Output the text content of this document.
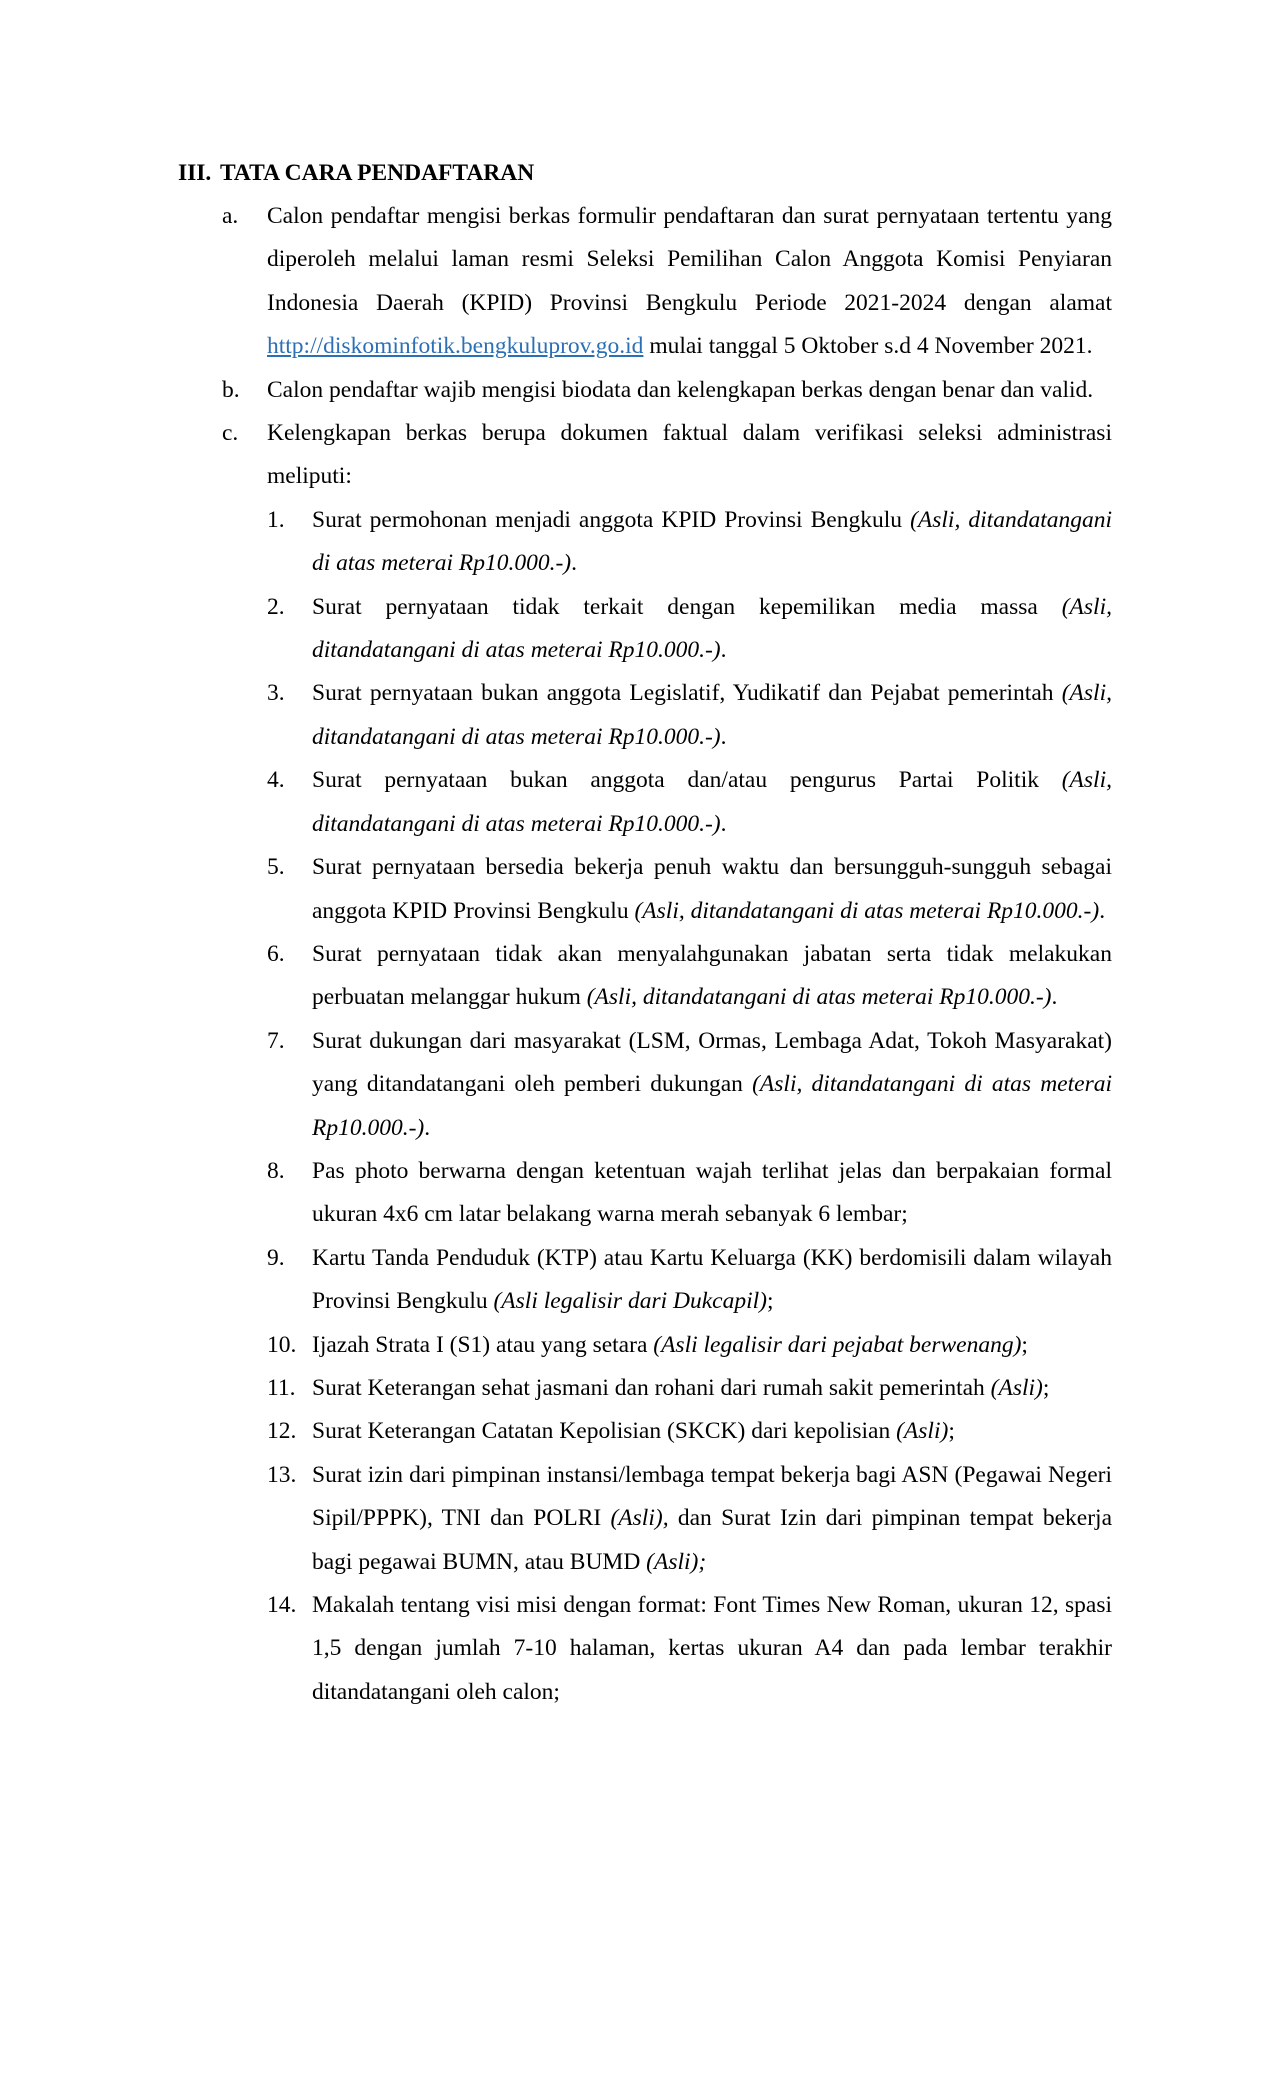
III. TATA CARA PENDAFTARAN

a. Calon pendaftar mengisi berkas formulir pendaftaran dan surat pernyataan tertentu yang diperoleh melalui laman resmi Seleksi Pemilihan Calon Anggota Komisi Penyiaran Indonesia Daerah (KPID) Provinsi Bengkulu Periode 2021-2024 dengan alamat http://diskominfotik.bengkuluprov.go.id mulai tanggal 5 Oktober s.d 4 November 2021.
b. Calon pendaftar wajib mengisi biodata dan kelengkapan berkas dengan benar dan valid.
c. Kelengkapan berkas berupa dokumen faktual dalam verifikasi seleksi administrasi meliputi:
1. Surat permohonan menjadi anggota KPID Provinsi Bengkulu (Asli, ditandatangani di atas meterai Rp10.000.-).
2. Surat pernyataan tidak terkait dengan kepemilikan media massa (Asli, ditandatangani di atas meterai Rp10.000.-).
3. Surat pernyataan bukan anggota Legislatif, Yudikatif dan Pejabat pemerintah (Asli, ditandatangani di atas meterai Rp10.000.-).
4. Surat pernyataan bukan anggota dan/atau pengurus Partai Politik (Asli, ditandatangani di atas meterai Rp10.000.-).
5. Surat pernyataan bersedia bekerja penuh waktu dan bersungguh-sungguh sebagai anggota KPID Provinsi Bengkulu (Asli, ditandatangani di atas meterai Rp10.000.-).
6. Surat pernyataan tidak akan menyalahgunakan jabatan serta tidak melakukan perbuatan melanggar hukum (Asli, ditandatangani di atas meterai Rp10.000.-).
7. Surat dukungan dari masyarakat (LSM, Ormas, Lembaga Adat, Tokoh Masyarakat) yang ditandatangani oleh pemberi dukungan (Asli, ditandatangani di atas meterai Rp10.000.-).
8. Pas photo berwarna dengan ketentuan wajah terlihat jelas dan berpakaian formal ukuran 4x6 cm latar belakang warna merah sebanyak 6 lembar;
9. Kartu Tanda Penduduk (KTP) atau Kartu Keluarga (KK) berdomisili dalam wilayah Provinsi Bengkulu (Asli legalisir dari Dukcapil);
10. Ijazah Strata I (S1) atau yang setara (Asli legalisir dari pejabat berwenang);
11. Surat Keterangan sehat jasmani dan rohani dari rumah sakit pemerintah (Asli);
12. Surat Keterangan Catatan Kepolisian (SKCK) dari kepolisian (Asli);
13. Surat izin dari pimpinan instansi/lembaga tempat bekerja bagi ASN (Pegawai Negeri Sipil/PPPK), TNI dan POLRI (Asli), dan Surat Izin dari pimpinan tempat bekerja bagi pegawai BUMN, atau BUMD (Asli);
14. Makalah tentang visi misi dengan format: Font Times New Roman, ukuran 12, spasi 1,5 dengan jumlah 7-10 halaman, kertas ukuran A4 dan pada lembar terakhir ditandatangani oleh calon;
